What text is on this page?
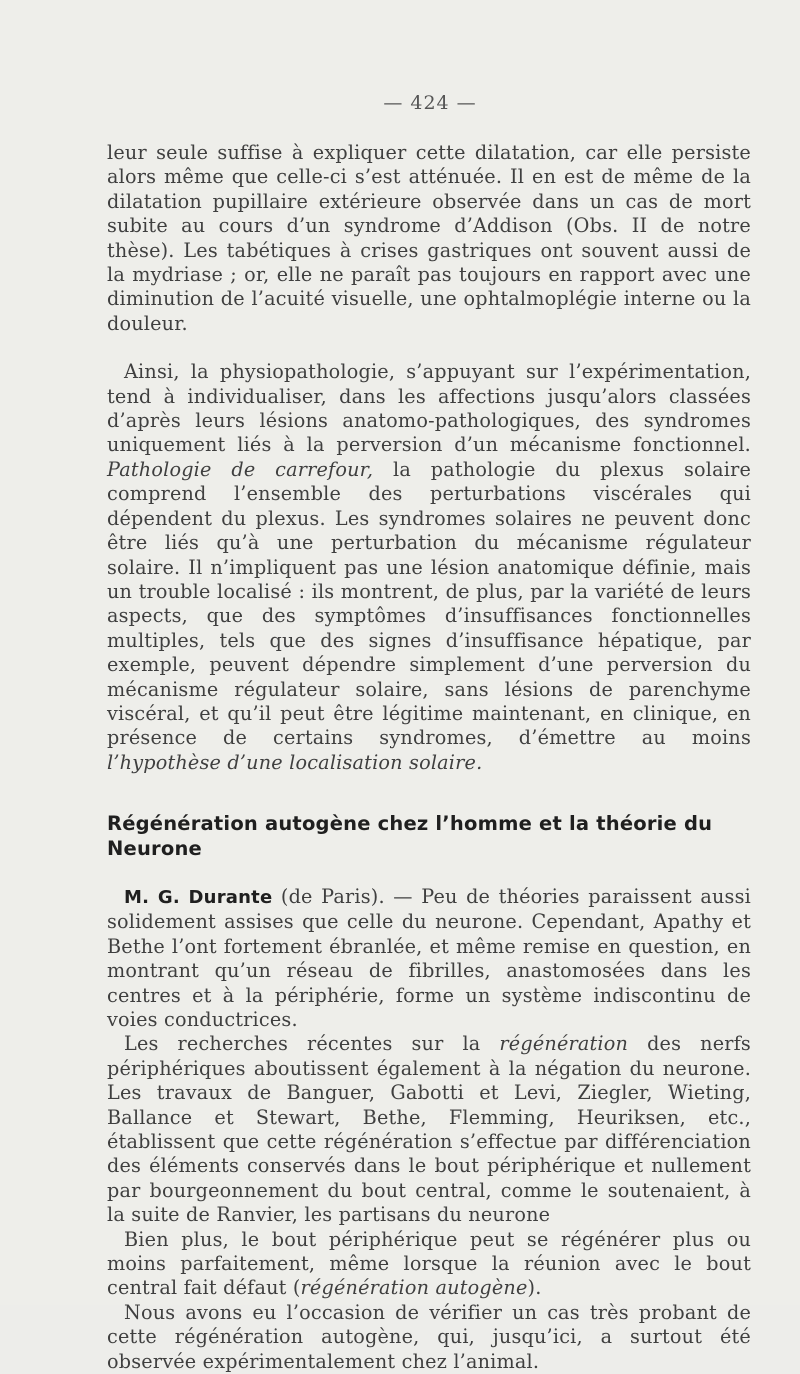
— 424 —

leur seule suffise à expliquer cette dilatation, car elle persiste alors même que celle-ci s’est atténuée. Il en est de même de la dilatation pupillaire extérieure observée dans un cas de mort subite au cours d’un syndrome d’Addison (Obs. II de notre thèse). Les tabétiques à crises gastriques ont souvent aussi de la mydriase ; or, elle ne paraît pas toujours en rapport avec une diminution de l’acuité visuelle, une ophtalmoplégie interne ou la douleur.

Ainsi, la physiopathologie, s’appuyant sur l’expérimentation, tend à individualiser, dans les affections jusqu’alors classées d’après leurs lésions anatomo-pathologiques, des syndromes uniquement liés à la perversion d’un mécanisme fonctionnel. Pathologie de carrefour, la pathologie du plexus solaire comprend l’ensemble des perturbations viscérales qui dépendent du plexus. Les syndromes solaires ne peuvent donc être liés qu’à une perturbation du mécanisme régulateur solaire. Il n’impliquent pas une lésion anatomique définie, mais un trouble localisé : ils montrent, de plus, par la variété de leurs aspects, que des symptômes d’insuffisances fonctionnelles multiples, tels que des signes d’insuffisance hépatique, par exemple, peuvent dépendre simplement d’une perversion du mécanisme régulateur solaire, sans lésions de parenchyme viscéral, et qu’il peut être légitime maintenant, en clinique, en présence de certains syndromes, d’émettre au moins l’hypothèse d’une localisation solaire.

Régénération autogène chez l’homme et la théorie du Neurone

M. G. Durante (de Paris). — Peu de théories paraissent aussi solidement assises que celle du neurone. Cependant, Apathy et Bethe l’ont fortement ébranlée, et même remise en question, en montrant qu’un réseau de fibrilles, anastomosées dans les centres et à la périphérie, forme un système indiscontinu de voies conductrices.

Les recherches récentes sur la régénération des nerfs périphériques aboutissent également à la négation du neurone. Les travaux de Banguer, Gabotti et Levi, Ziegler, Wieting, Ballance et Stewart, Bethe, Flemming, Heuriksen, etc., établissent que cette régénération s’effectue par différenciation des éléments conservés dans le bout périphérique et nullement par bourgeonnement du bout central, comme le soutenaient, à la suite de Ranvier, les partisans du neurone

Bien plus, le bout périphérique peut se régénérer plus ou moins parfaitement, même lorsque la réunion avec le bout central fait défaut (régénération autogène).

Nous avons eu l’occasion de vérifier un cas très probant de cette régénération autogène, qui, jusqu’ici, a surtout été observée expérimentalement chez l’animal.
